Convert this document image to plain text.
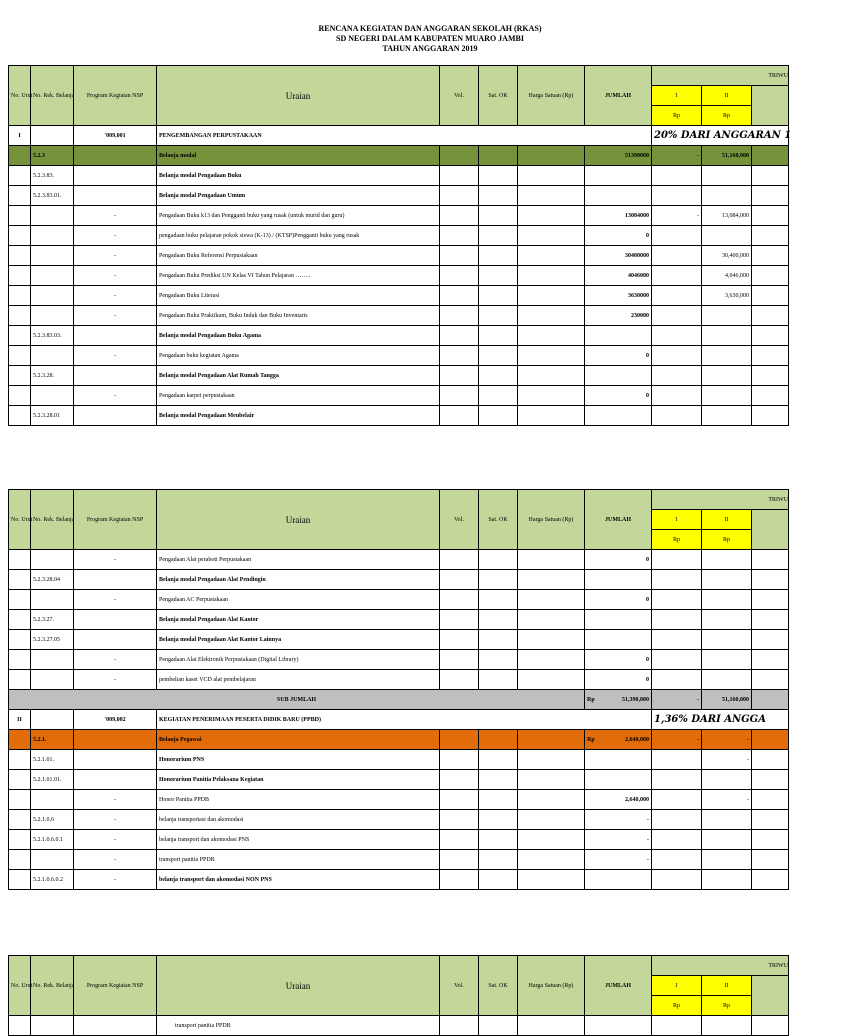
RENCANA KEGIATAN DAN ANGGARAN SEKOLAH (RKAS)
SD NEGERI DALAM KABUPATEN MUARO JAMBI
TAHUN ANGGARAN 2019
No. Urut	No. Rek. Belanja	Program Kegiatan NSP	Uraian	Vol.	Sat. OK	Harga Satuan (Rp)	JUMLAH	TRIWU		
								I	II	
								Rp	Rp	
I		'009,001	PENGEMBANGAN PERPUSTAKAAN					20% DARI ANGGARAN 1		
	5.2.3		Belanja modal				51390000	-	51,160,000	
	5.2.3.83.		Belanja modal Pengadaan Buku							
	5.2.3.83.01.		Belanja modal Pengadaan Umum							
		-	Pengadaan Buku k13 dan Pengganti buku yang rusak (untuk murid dan guru)				13084000	-	13,084,000	
		-	pengadaan buku pelajaran pokok siswa (K-13) / (KTSP)Pengganti buku yang rusak				0			
		-	Pengadaan Buku Referensi Perpustakaan				30400000		30,400,000	
		-	Pengadaan Buku Prediksi UN Kelas VI Tahun Pelajaran ……..				4046000		4,046,000	
		-	Pengadaan Buku Literasi				3630000		3,630,000	
		-	Pengadaan Buku Praktikum, Buku Induk dan Buku Inventaris				230000			
	5.2.3.83.03.		Belanja modal Pengadaan Buku Agama							
		-	Pengadaan buku kegiatan Agama				0			
	5.2.3.28.		Belanja modal Pengadaan Alat Rumah Tangga							
		-	Pengadaan karpet perpustakaan				0			
	5.2.3.28.01		Belanja modal Pengadaan Meubelair							
No. Urut	No. Rek. Belanja	Program Kegiatan NSP	Uraian	Vol.	Sat. OK	Harga Satuan (Rp)	JUMLAH	TRIWU		
								I	II	
								Rp	Rp	
		-	Pengadaan Alat peraboti Perpustakaan				0			
	5.2.3.28.04		Belanja modal Pengadaan Alat Pendingin							
		-	Pengadaan AC Perpustakaan				0			
	5.2.3.27.		Belanja modal Pengadaan Alat Kantor							
	5.2.3.27.05		Belanja modal Pengadaan Alat Kantor Lainnya							
		-	Pengadaan Alat Elektronik Perpustakaan (Digital Library)				0			
		-	pembelian kaset VCD alat pembelajaran				0			
SUB JUMLAH							Rp 51,390,000	-	51,160,000	
II		'009,002	KEGIATAN PENERIMAAN PESERTA DIDIK BARU (PPBD)					1,36% DARI ANGGA		
	5.2.1.		Belanja Pegawai				Rp 2,640,000	-	-	
	5.2.1.01.		Honorarium PNS						-	
	5.2.1.01.01.		Honorarium Panitia Pelaksana Kegiatan							
		-	Honor Panitia PPDB				2,640,000		-	
	5.2.1.0.6	-	belanja transportasi dan akomodasi				-			
	5.2.1.0.6.0.1	-	belanja transport dan akomodasi PNS				-			
		-	transport panitia PPDB				-			
	5.2.1.0.6.0.2	-	belanja transport dan akomodasi NON PNS							
No. Urut	No. Rek. Belanja	Program Kegiatan NSP	Uraian	Vol.	Sat. OK	Harga Satuan (Rp)	JUMLAH	TRIWU		
								I	II	
								Rp	Rp	
			transport panitia PPDB							
